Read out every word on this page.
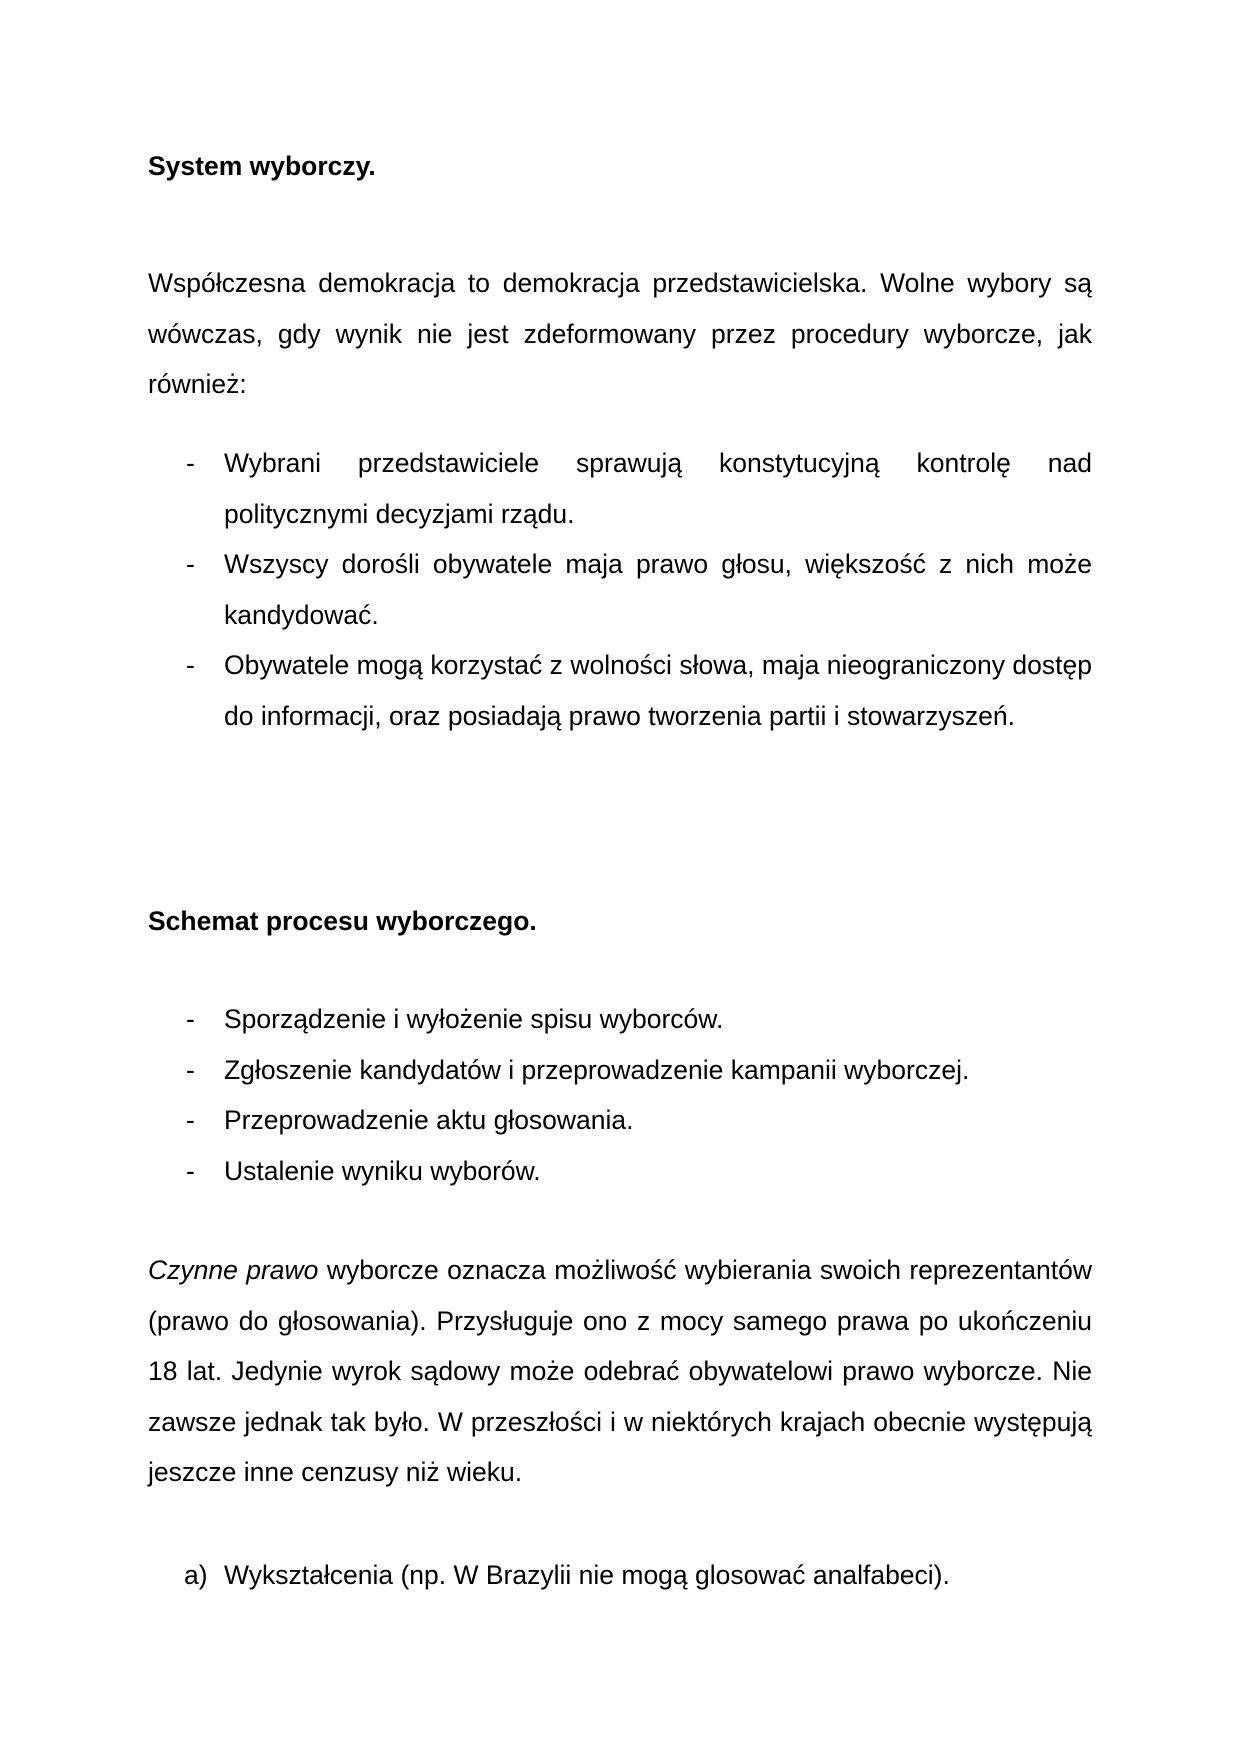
System wyborczy.

Współczesna demokracja to demokracja przedstawicielska. Wolne wybory są wówczas, gdy wynik nie jest zdeformowany przez procedury wyborcze, jak również:

- Wybrani przedstawiciele sprawują konstytucyjną kontrolę nad politycznymi decyzjami rządu.
- Wszyscy dorośli obywatele maja prawo głosu, większość z nich może kandydować.
- Obywatele mogą korzystać z wolności słowa, maja nieograniczony dostęp do informacji, oraz posiadają prawo tworzenia partii i stowarzyszeń.

Schemat procesu wyborczego.

- Sporządzenie i wyłożenie spisu wyborców.
- Zgłoszenie kandydatów i przeprowadzenie kampanii wyborczej.
- Przeprowadzenie aktu głosowania.
- Ustalenie wyniku wyborów.

Czynne prawo wyborcze oznacza możliwość wybierania swoich reprezentantów (prawo do głosowania). Przysługuje ono z mocy samego prawa po ukończeniu 18 lat. Jedynie wyrok sądowy może odebrać obywatelowi prawo wyborcze. Nie zawsze jednak tak było. W przeszłości i w niektórych krajach obecnie występują jeszcze inne cenzusy niż wieku.

a) Wykształcenia (np. W Brazylii nie mogą glosować analfabeci).
